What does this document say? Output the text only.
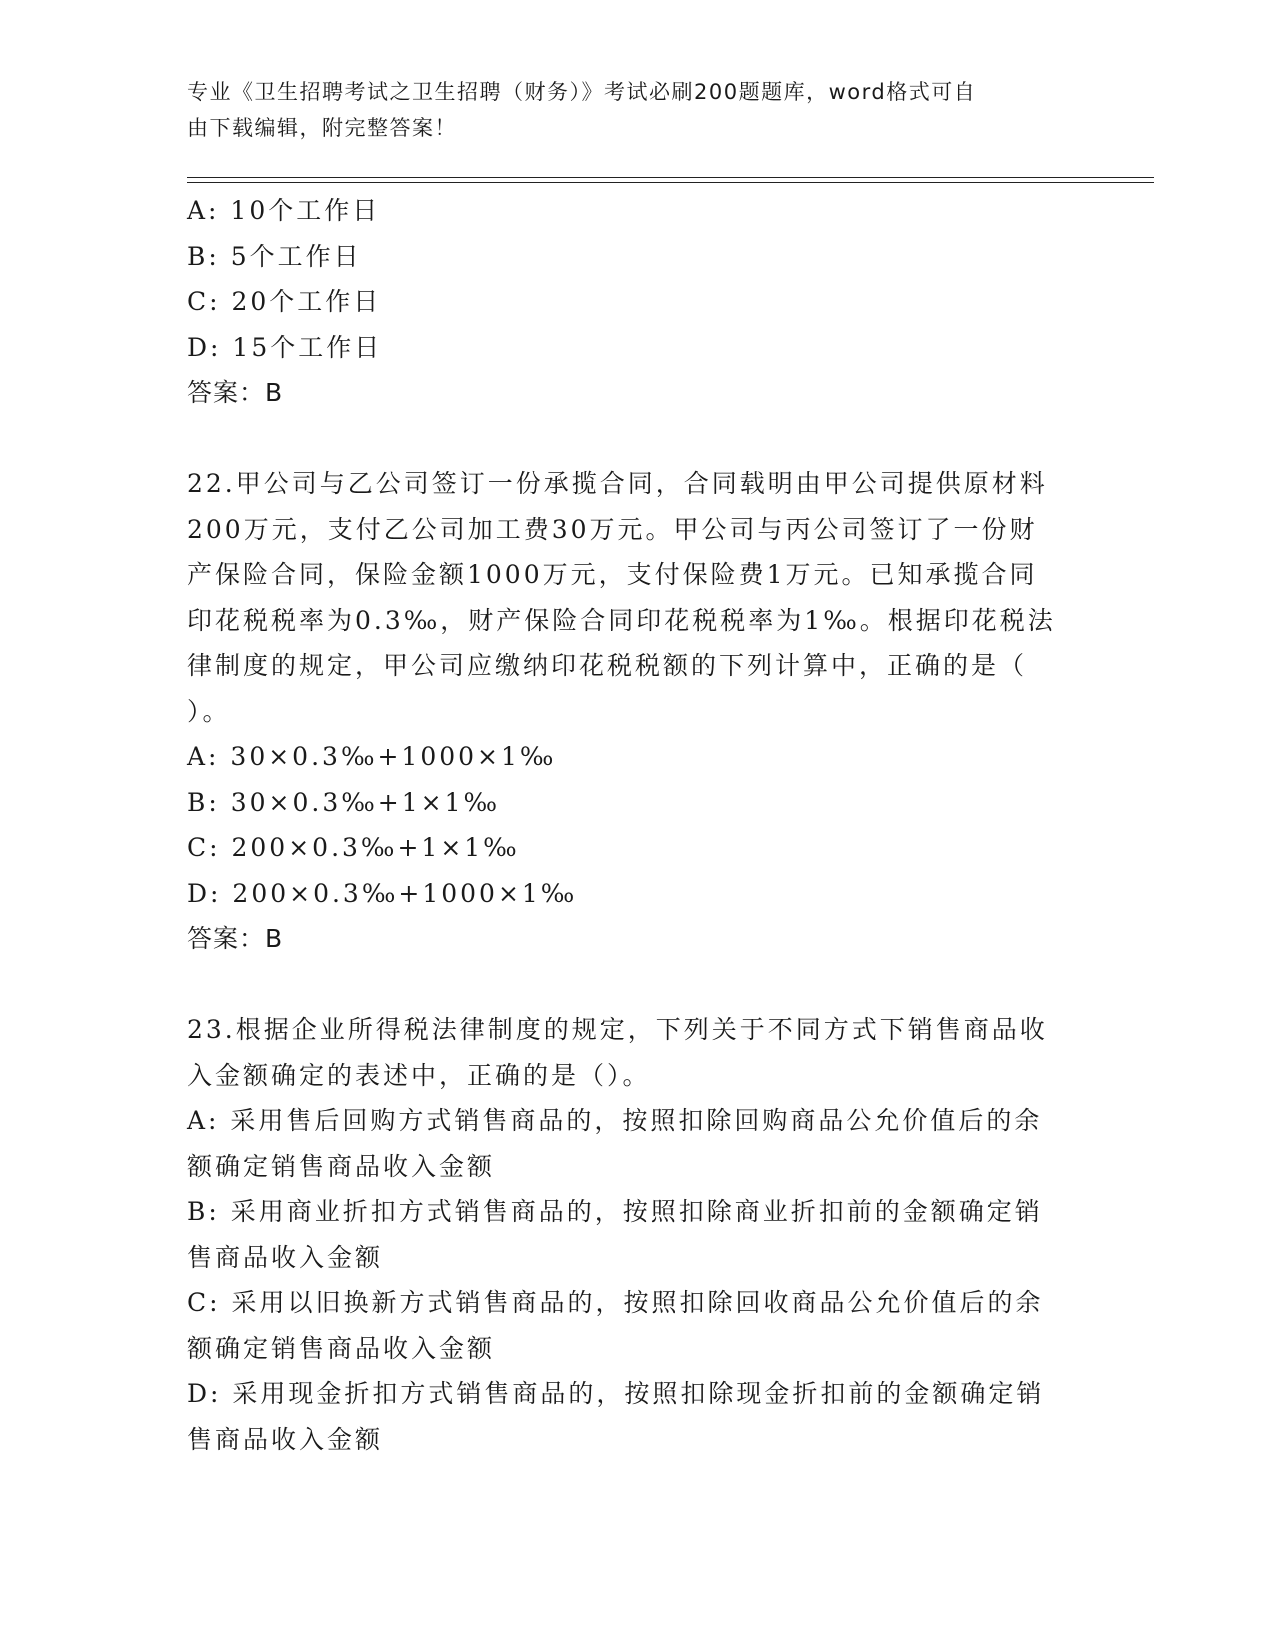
专业《卫生招聘考试之卫生招聘（财务）》考试必刷200题题库，word格式可自
由下载编辑，附完整答案！
A: 10个工作日
B: 5个工作日
C: 20个工作日
D: 15个工作日
答案：B
22.甲公司与乙公司签订一份承揽合同，合同载明由甲公司提供原材料
200万元，支付乙公司加工费30万元。甲公司与丙公司签订了一份财
产保险合同，保险金额1000万元，支付保险费1万元。已知承揽合同
印花税税率为0.3‰，财产保险合同印花税税率为1‰。根据印花税法
律制度的规定，甲公司应缴纳印花税税额的下列计算中，正确的是（
）。
A: 30×0.3‰+1000×1‰
B: 30×0.3‰+1×1‰
C: 200×0.3‰+1×1‰
D: 200×0.3‰+1000×1‰
答案：B
23.根据企业所得税法律制度的规定，下列关于不同方式下销售商品收
入金额确定的表述中，正确的是（）。
A: 采用售后回购方式销售商品的，按照扣除回购商品公允价值后的余
额确定销售商品收入金额
B: 采用商业折扣方式销售商品的，按照扣除商业折扣前的金额确定销
售商品收入金额
C: 采用以旧换新方式销售商品的，按照扣除回收商品公允价值后的余
额确定销售商品收入金额
D: 采用现金折扣方式销售商品的，按照扣除现金折扣前的金额确定销
售商品收入金额
